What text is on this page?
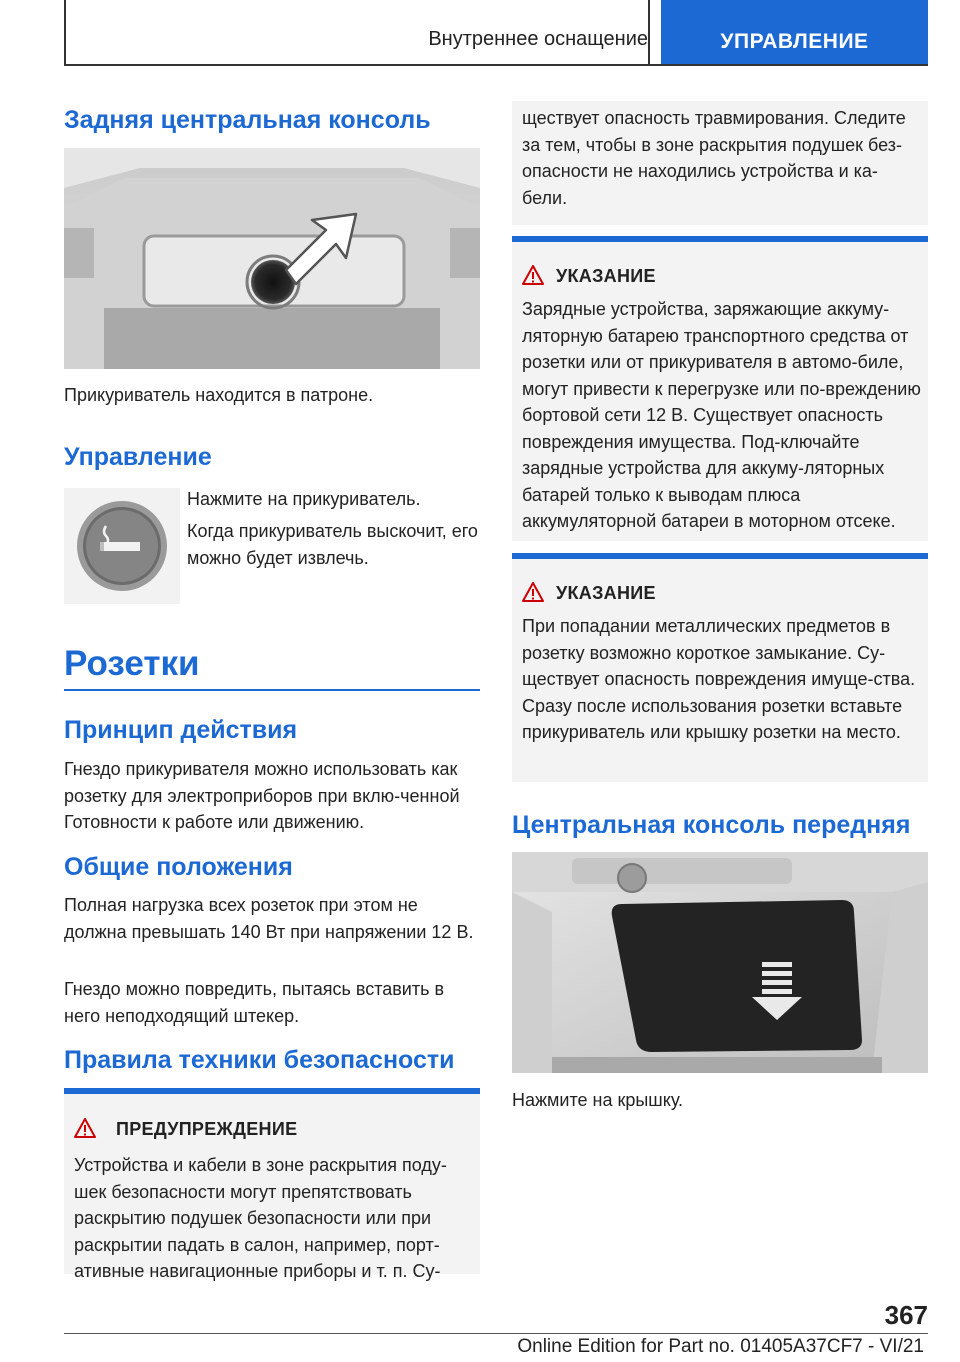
Внутреннее оснащение	УПРАВЛЕНИЕ
Задняя центральная консоль

Прикуриватель находится в патроне.

Управление

Нажмите на прикуриватель.

Когда прикуриватель выскочит, его можно будет извлечь.

Розетки
Принцип действия

Гнездо прикуривателя можно использовать как розетку для электроприборов при вклю-ченной Готовности к работе или движению.

Общие положения

Полная нагрузка всех розеток при этом не должна превышать 140 Вт при напряжении 12 В.

Гнездо можно повредить, пытаясь вставить в него неподходящий штекер.

Правила техники безопасности
ПРЕДУПРЕЖДЕНИЕ

Устройства и кабели в зоне раскрытия поду-шек безопасности могут препятствовать раскрытию подушек безопасности или при раскрытии падать в салон, например, порт-ативные навигационные приборы и т. п. Су-

ществует опасность травмирования. Следите за тем, чтобы в зоне раскрытия подушек без-опасности не находились устройства и ка-бели.

УКАЗАНИЕ

Зарядные устройства, заряжающие аккуму-ляторную батарею транспортного средства от розетки или от прикуривателя в автомо-биле, могут привести к перегрузке или по-вреждению бортовой сети 12 В. Существует опасность повреждения имущества. Под-ключайте зарядные устройства для аккуму-ляторных батарей только к выводам плюса аккумуляторной батареи в моторном отсеке.

УКАЗАНИЕ

При попадании металлических предметов в розетку возможно короткое замыкание. Су-ществует опасность повреждения имуще-ства. Сразу после использования розетки вставьте прикуриватель или крышку розетки на место.

Центральная консоль передняя

Нажмите на крышку.

367
Online Edition for Part no. 01405A37CF7 - VI/21
